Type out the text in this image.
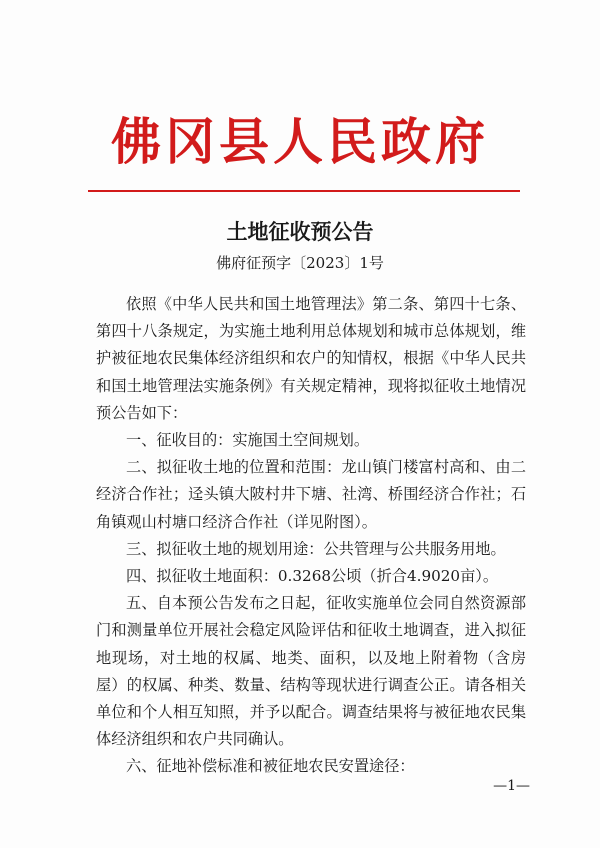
佛冈县人民政府
土地征收预公告
佛府征预字〔2023〕1号

依照《中华人民共和国土地管理法》第二条、第四十七条、第四十八条规定，为实施土地利用总体规划和城市总体规划，维护被征地农民集体经济组织和农户的知情权，根据《中华人民共和国土地管理法实施条例》有关规定精神，现将拟征收土地情况预公告如下：

一、征收目的：实施国土空间规划。

二、拟征收土地的位置和范围：龙山镇门楼富村高和、由二经济合作社；迳头镇大陂村井下塘、社湾、桥围经济合作社；石角镇观山村塘口经济合作社（详见附图）。

三、拟征收土地的规划用途：公共管理与公共服务用地。

四、拟征收土地面积：0.3268公顷（折合4.9020亩）。

五、自本预公告发布之日起，征收实施单位会同自然资源部门和测量单位开展社会稳定风险评估和征收土地调查，进入拟征地现场，对土地的权属、地类、面积，以及地上附着物（含房屋）的权属、种类、数量、结构等现状进行调查公正。请各相关单位和个人相互知照，并予以配合。调查结果将与被征地农民集体经济组织和农户共同确认。

六、征地补偿标准和被征地农民安置途径：

—1—
